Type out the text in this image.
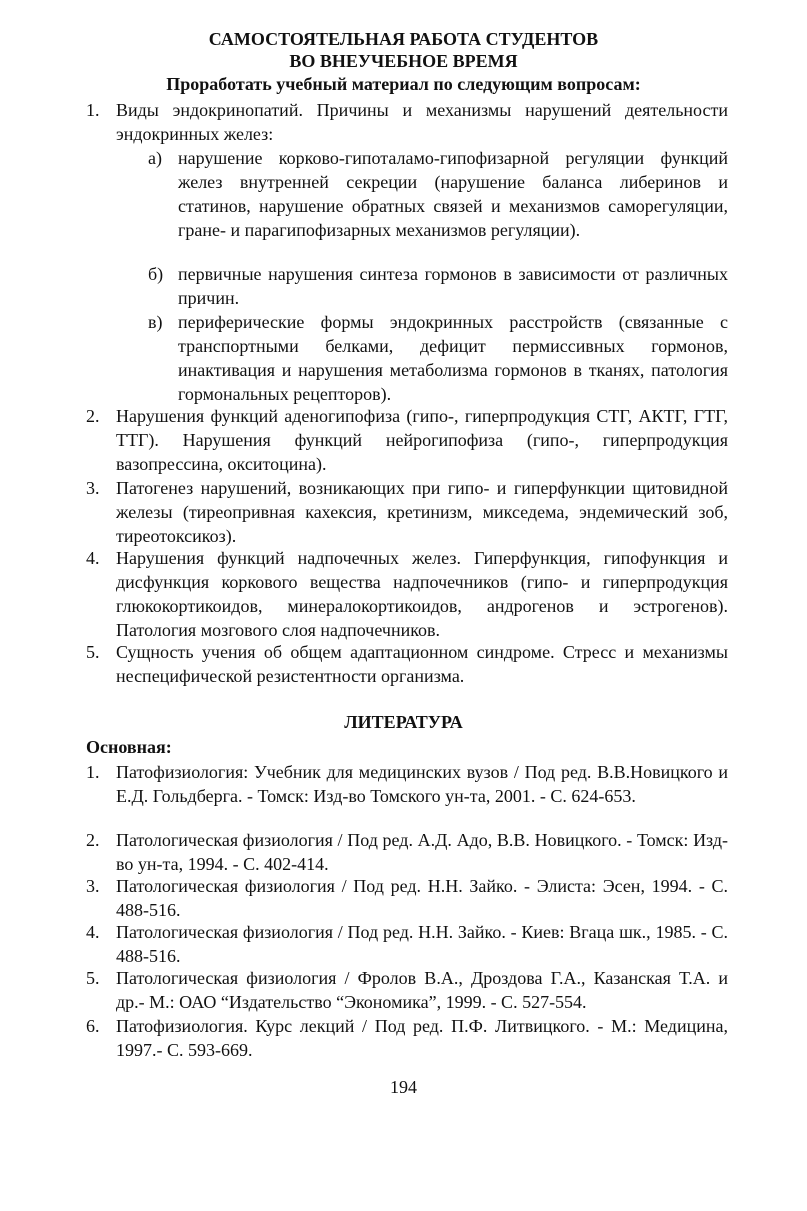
САМОСТОЯТЕЛЬНАЯ РАБОТА СТУДЕНТОВ
ВО ВНЕУЧЕБНОЕ ВРЕМЯ
Проработать учебный материал по следующим вопросам:
1. Виды эндокринопатий. Причины и механизмы нарушений деятельности эндокринных желез:
а) нарушение корково-гипоталамо-гипофизарной регуляции функций желез внутренней секреции (нарушение баланса либеринов и статинов, нарушение обратных связей и механизмов саморегуляции, гране- и парагипофизарных механизмов регуляции).
б) первичные нарушения синтеза гормонов в зависимости от различных причин.
в) периферические формы эндокринных расстройств (связанные с транспортными белками, дефицит пермиссивных гормонов, инактивация и нарушения метаболизма гормонов в тканях, патология гормональных рецепторов).
2. Нарушения функций аденогипофиза (гипо-, гиперпродукция СТГ, АКТГ, ГТГ, ТТГ). Нарушения функций нейрогипофиза (гипо-, гиперпродукция вазопрессина, окситоцина).
3. Патогенез нарушений, возникающих при гипо- и гиперфункции щитовидной железы (тиреопривная кахексия, кретинизм, микседема, эндемический зоб, тиреотоксикоз).
4. Нарушения функций надпочечных желез. Гиперфункция, гипофункция и дисфункция коркового вещества надпочечников (гипо- и гиперпродукция глюкокортикоидов, минералокортикоидов, андрогенов и эстрогенов). Патология мозгового слоя надпочечников.
5. Сущность учения об общем адаптационном синдроме. Стресс и механизмы неспецифической резистентности организма.
ЛИТЕРАТУРА
Основная:
1. Патофизиология: Учебник для медицинских вузов / Под ред. В.В.Новицкого и Е.Д. Гольдберга. - Томск: Изд-во Томского ун-та, 2001. - С. 624-653.
2. Патологическая физиология / Под ред. А.Д. Адо, В.В. Новицкого. - Томск: Изд-во ун-та, 1994. - С. 402-414.
3. Патологическая физиология / Под ред. Н.Н. Зайко. - Элиста: Эсен, 1994. - С. 488-516.
4. Патологическая физиология / Под ред. Н.Н. Зайко. - Киев: Вгаца шк., 1985. - С. 488-516.
5. Патологическая физиология / Фролов В.А., Дроздова Г.А., Казанская Т.А. и др.- М.: ОАО “Издательство “Экономика”, 1999. - С. 527-554.
6. Патофизиология. Курс лекций / Под ред. П.Ф. Литвицкого. - М.: Медицина, 1997.- С. 593-669.
194
